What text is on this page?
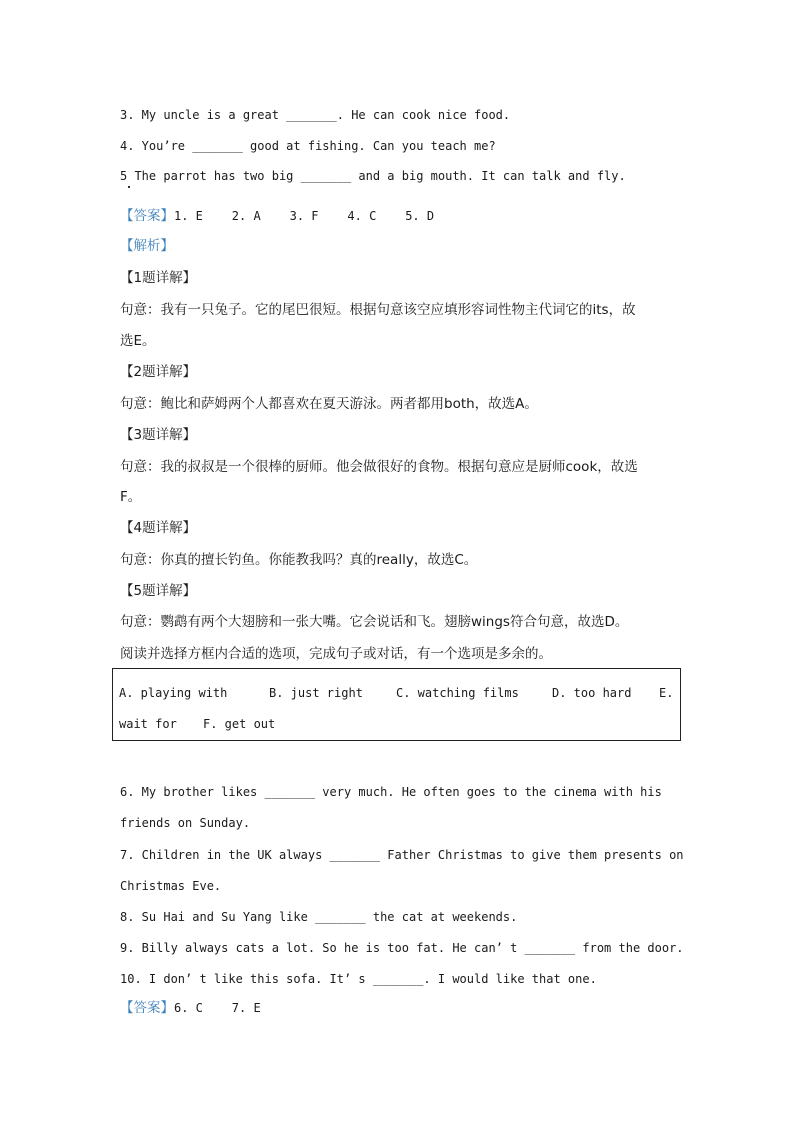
3. My uncle is a great _______. He can cook nice food.
4. You’re _______ good at fishing. Can you teach me?
5 The parrot has two big _______ and a big mouth. It can talk and fly.
【答案】1. E    2. A    3. F    4. C    5. D
【解析】
【1题详解】
句意：我有一只兔子。它的尾巴很短。根据句意该空应填形容词性物主代词它的its，故
选E。
【2题详解】
句意：鲍比和萨姆两个人都喜欢在夏天游泳。两者都用both，故选A。
【3题详解】
句意：我的叔叔是一个很棒的厨师。他会做很好的食物。根据句意应是厨师cook，故选
F。
【4题详解】
句意：你真的擅长钓鱼。你能教我吗？真的really，故选C。
【5题详解】
句意：鹦鹉有两个大翅膀和一张大嘴。它会说话和飞。翅膀wings符合句意，故选D。
阅读并选择方框内合适的选项，完成句子或对话，有一个选项是多余的。
A. playing with	B. just right	C. watching films	D. too hard E.
wait for F. get out
6. My brother likes _______ very much. He often goes to the cinema with his
friends on Sunday.
7. Children in the UK always _______ Father Christmas to give them presents on
Christmas Eve.
8. Su Hai and Su Yang like _______ the cat at weekends.
9. Billy always cats a lot. So he is too fat. He can’ t _______ from the door.
10. I don’ t like this sofa. It’ s _______. I would like that one.
【答案】6. C    7. E
